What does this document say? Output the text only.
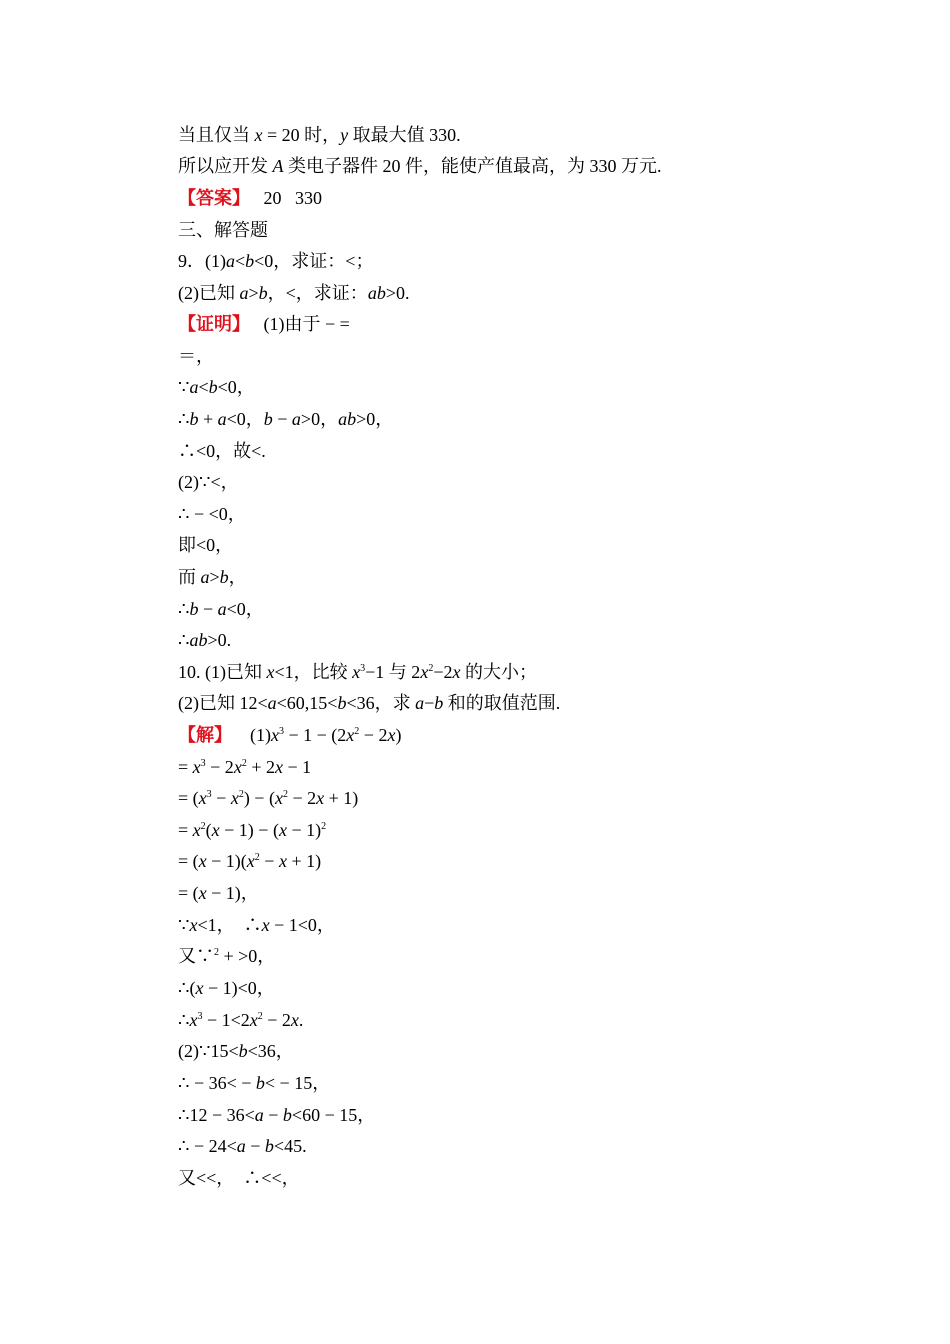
当且仅当 x = 20 时，y 取最大值 330.
所以应开发 A 类电子器件 20 件，能使产值最高，为 330 万元.
【答案】   20   330
三、解答题
9．(1)a<b<0，求证：<；
(2)已知 a>b，<，求证：ab>0.
【证明】   (1)由于 − =
＝，
∵a<b<0，
∴b + a<0，b − a>0，ab>0，
∴<0，故<.
(2)∵<，
∴ − <0，
即<0，
而 a>b，
∴b − a<0，
∴ab>0.
10. (1)已知 x<1，比较 $x^3-1$ 与 $2x^2-2x$ 的大小；
(2)已知 12<a<60,15<b<36，求 a−b 和的取值范围.
【解】    $(1)x^3 - 1 - (2x^2 - 2x)$
= $x^3 - 2x^2 + 2x - 1$
= $(x^3 - x^2) - (x^2 - 2x + 1)$
= $x^2(x - 1) - (x - 1)^2$
= $(x - 1)(x^2 - x + 1)$
= (x − 1)，
∵x<1，  ∴x − 1<0，
又∵$^2$ + >0，
∴(x − 1)<0，
$\therefore x^3 - 1<2x^2 - 2x$.
(2)∵15<b<36，
∴ − 36< − b< − 15，
∴12 − 36<a − b<60 − 15，
∴ − 24<a − b<45.
又<<，  ∴<<，
